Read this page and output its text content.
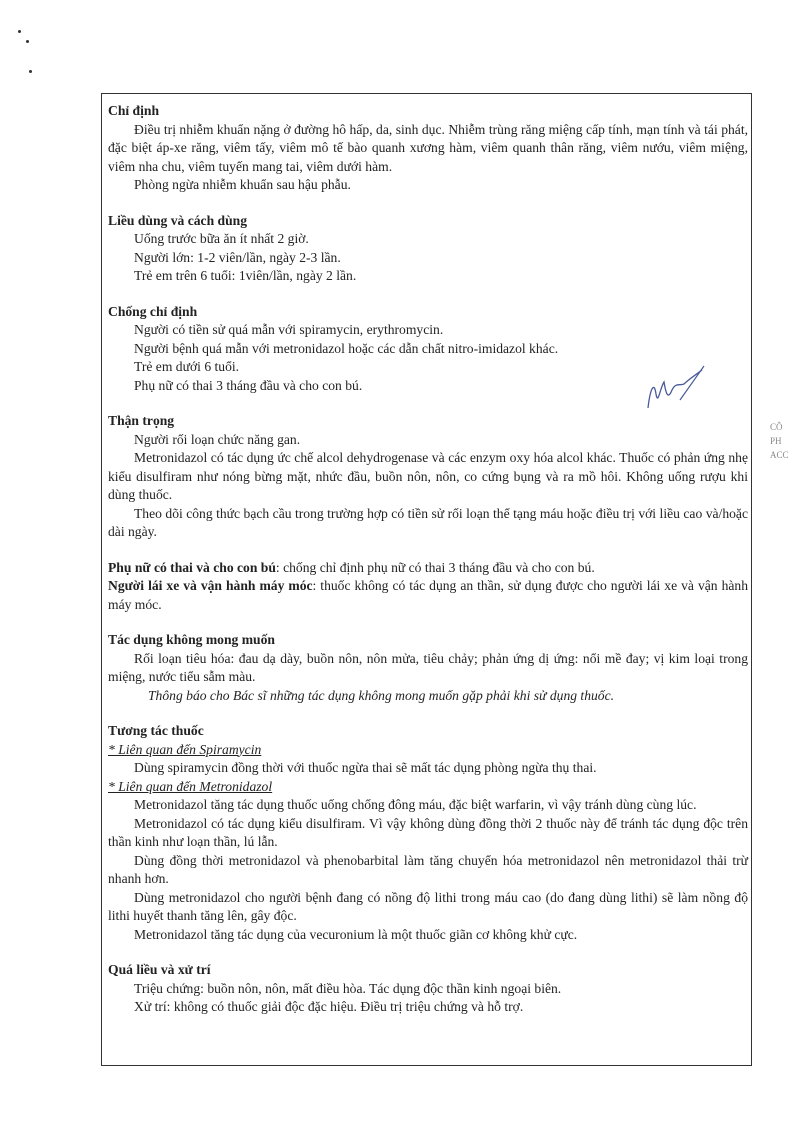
CÔ
PH
ACC

Chỉ định

Điều trị nhiễm khuẩn nặng ở đường hô hấp, da, sinh dục. Nhiễm trùng răng miệng cấp tính, mạn tính và tái phát, đặc biệt áp-xe răng, viêm tấy, viêm mô tế bào quanh xương hàm, viêm quanh thân răng, viêm nướu, viêm miệng, viêm nha chu, viêm tuyến mang tai, viêm dưới hàm.

Phòng ngừa nhiễm khuẩn sau hậu phẫu.

Liều dùng và cách dùng

Uống trước bữa ăn ít nhất 2 giờ.

Người lớn: 1-2 viên/lần, ngày 2-3 lần.

Trẻ em trên 6 tuổi: 1viên/lần, ngày 2 lần.

Chống chỉ định

Người có tiền sử quá mẫn với spiramycin, erythromycin.

Người bệnh quá mẫn với metronidazol hoặc các dẫn chất nitro-imidazol khác.

Trẻ em dưới 6 tuổi.

Phụ nữ có thai 3 tháng đầu và cho con bú.

Thận trọng

Người rối loạn chức năng gan.

Metronidazol có tác dụng ức chế alcol dehydrogenase và các enzym oxy hóa alcol khác. Thuốc có phản ứng nhẹ kiểu disulfiram như nóng bừng mặt, nhức đầu, buồn nôn, nôn, co cứng bụng và ra mồ hôi. Không uống rượu khi dùng thuốc.

Theo dõi công thức bạch cầu trong trường hợp có tiền sử rối loạn thể tạng máu hoặc điều trị với liều cao và/hoặc dài ngày.

Phụ nữ có thai và cho con bú: chống chỉ định phụ nữ có thai 3 tháng đầu và cho con bú.

Người lái xe và vận hành máy móc: thuốc không có tác dụng an thần, sử dụng được cho người lái xe và vận hành máy móc.

Tác dụng không mong muốn

Rối loạn tiêu hóa: đau dạ dày, buồn nôn, nôn mửa, tiêu chảy; phản ứng dị ứng: nổi mề đay; vị kim loại trong miệng, nước tiểu sẫm màu.

Thông báo cho Bác sĩ những tác dụng không mong muốn gặp phải khi sử dụng thuốc.

Tương tác thuốc

* Liên quan đến Spiramycin

Dùng spiramycin đồng thời với thuốc ngừa thai sẽ mất tác dụng phòng ngừa thụ thai.

* Liên quan đến Metronidazol

Metronidazol tăng tác dụng thuốc uống chống đông máu, đặc biệt warfarin, vì vậy tránh dùng cùng lúc.

Metronidazol có tác dụng kiểu disulfiram. Vì vậy không dùng đồng thời 2 thuốc này để tránh tác dụng độc trên thần kinh như loạn thần, lú lẫn.

Dùng đồng thời metronidazol và phenobarbital làm tăng chuyển hóa metronidazol nên metronidazol thải trừ nhanh hơn.

Dùng metronidazol cho người bệnh đang có nồng độ lithi trong máu cao (do đang dùng lithi) sẽ làm nồng độ lithi huyết thanh tăng lên, gây độc.

Metronidazol tăng tác dụng của vecuronium là một thuốc giãn cơ không khử cực.

Quá liều và xử trí

Triệu chứng: buồn nôn, nôn, mất điều hòa. Tác dụng độc thần kinh ngoại biên.

Xử trí: không có thuốc giải độc đặc hiệu. Điều trị triệu chứng và hỗ trợ.
